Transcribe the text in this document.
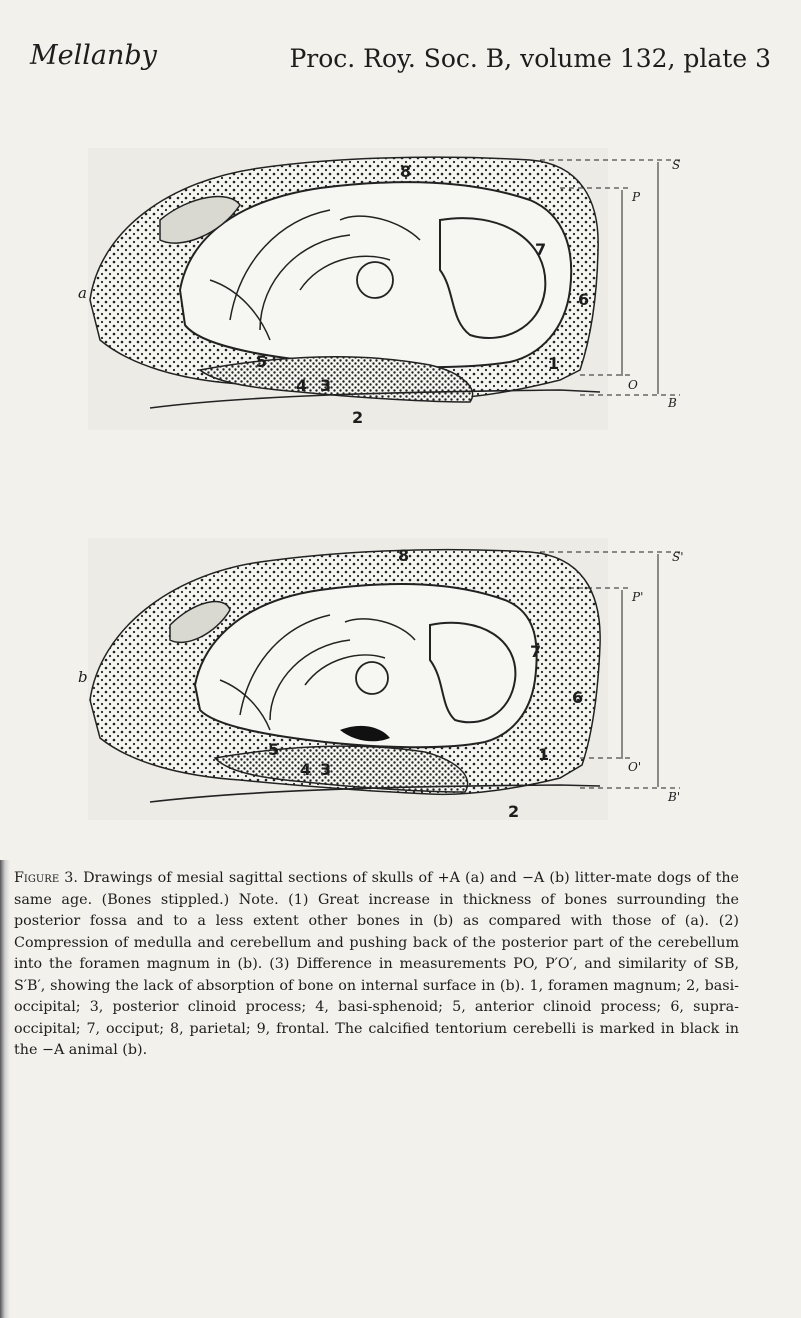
Mellanby	Proc. Roy. Soc. B, volume 132, plate 3
a
S
P
O
B
1
2
3
4
5
6
7
8
b
S'
P'
O'
B'
1
2
3
4
5
6
7
8
Figure 3. Drawings of mesial sagittal sections of skulls of +A (a) and −A (b) litter-mate dogs of the same age. (Bones stippled.) Note. (1) Great increase in thickness of bones surrounding the posterior fossa and to a less extent other bones in (b) as compared with those of (a). (2) Compression of medulla and cerebellum and pushing back of the posterior part of the cerebellum into the foramen magnum in (b). (3) Difference in measurements PO, P′O′, and similarity of SB, S′B′, showing the lack of absorption of bone on internal surface in (b). 1, foramen magnum; 2, basi-occipital; 3, posterior clinoid process; 4, basi-sphenoid; 5, anterior clinoid process; 6, supra-occipital; 7, occiput; 8, parietal; 9, frontal. The calcified tentorium cerebelli is marked in black in the −A animal (b).
